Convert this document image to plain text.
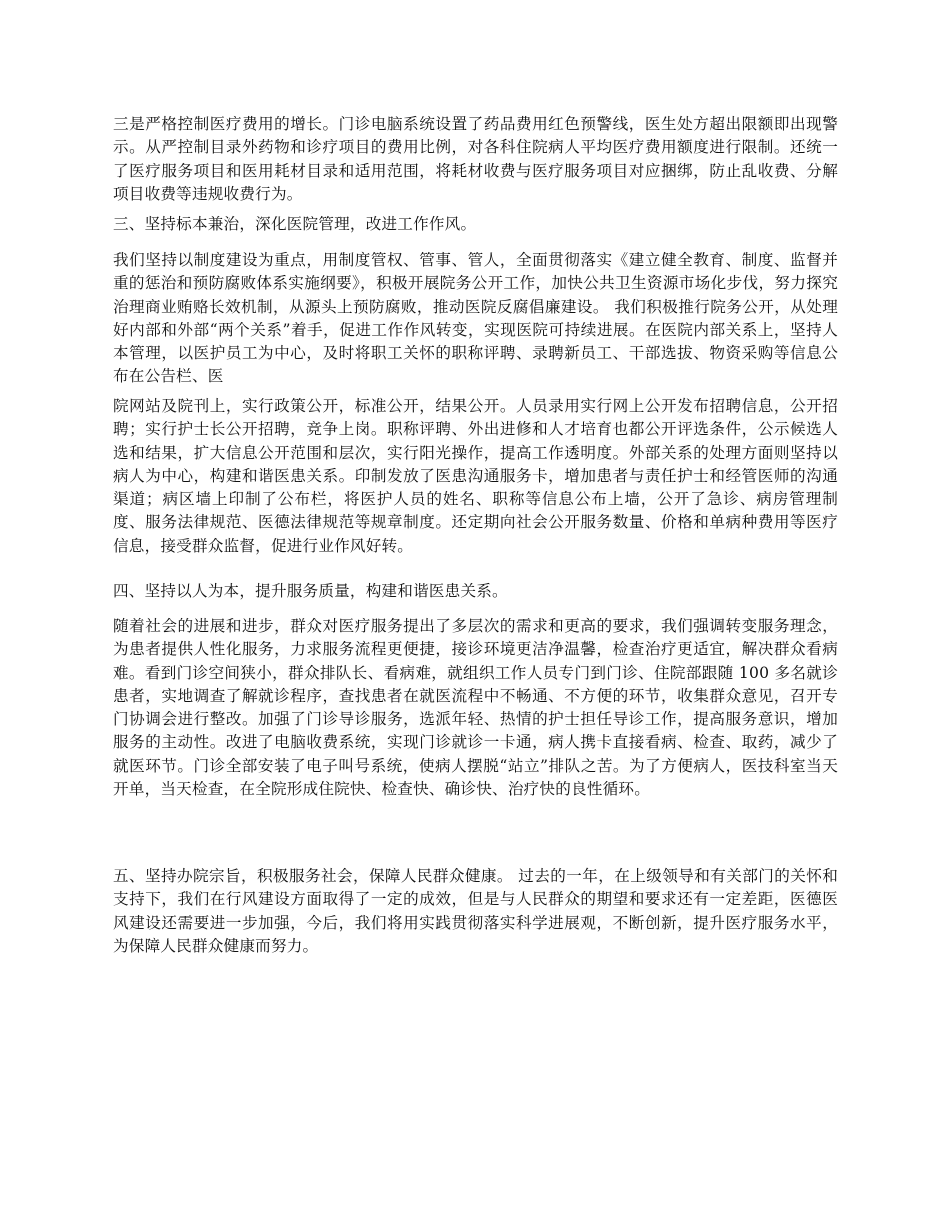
三是严格控制医疗费用的增长。门诊电脑系统设置了药品费用红色预警线，医生处方超出限额即出现警示。从严控制目录外药物和诊疗项目的费用比例，对各科住院病人平均医疗费用额度进行限制。还统一了医疗服务项目和医用耗材目录和适用范围，将耗材收费与医疗服务项目对应捆绑，防止乱收费、分解项目收费等违规收费行为。

三、坚持标本兼治，深化医院管理，改进工作作风。

我们坚持以制度建设为重点，用制度管权、管事、管人，全面贯彻落实《建立健全教育、制度、监督并重的惩治和预防腐败体系实施纲要》，积极开展院务公开工作，加快公共卫生资源市场化步伐，努力探究治理商业贿赂长效机制，从源头上预防腐败，推动医院反腐倡廉建设。 我们积极推行院务公开，从处理好内部和外部“两个关系”着手，促进工作作风转变，实现医院可持续进展。在医院内部关系上，坚持人本管理，以医护员工为中心，及时将职工关怀的职称评聘、录聘新员工、干部选拔、物资采购等信息公布在公告栏、医

院网站及院刊上，实行政策公开，标准公开，结果公开。人员录用实行网上公开发布招聘信息，公开招聘；实行护士长公开招聘，竞争上岗。职称评聘、外出进修和人才培育也都公开评选条件，公示候选人选和结果，扩大信息公开范围和层次，实行阳光操作，提高工作透明度。外部关系的处理方面则坚持以病人为中心，构建和谐医患关系。印制发放了医患沟通服务卡，增加患者与责任护士和经管医师的沟通渠道；病区墙上印制了公布栏，将医护人员的姓名、职称等信息公布上墙，公开了急诊、病房管理制度、服务法律规范、医德法律规范等规章制度。还定期向社会公开服务数量、价格和单病种费用等医疗信息，接受群众监督，促进行业作风好转。

四、坚持以人为本，提升服务质量，构建和谐医患关系。

随着社会的进展和进步，群众对医疗服务提出了多层次的需求和更高的要求，我们强调转变服务理念，为患者提供人性化服务，力求服务流程更便捷，接诊环境更洁净温馨，检查治疗更适宜，解决群众看病难。看到门诊空间狭小，群众排队长、看病难，就组织工作人员专门到门诊、住院部跟随 100 多名就诊患者，实地调查了解就诊程序，查找患者在就医流程中不畅通、不方便的环节，收集群众意见，召开专门协调会进行整改。加强了门诊导诊服务，选派年轻、热情的护士担任导诊工作，提高服务意识，增加服务的主动性。改进了电脑收费系统，实现门诊就诊一卡通，病人携卡直接看病、检查、取药，减少了就医环节。门诊全部安装了电子叫号系统，使病人摆脱“站立”排队之苦。为了方便病人，医技科室当天开单，当天检查，在全院形成住院快、检查快、确诊快、治疗快的良性循环。

五、坚持办院宗旨，积极服务社会，保障人民群众健康。 过去的一年，在上级领导和有关部门的关怀和支持下，我们在行风建设方面取得了一定的成效，但是与人民群众的期望和要求还有一定差距，医德医风建设还需要进一步加强，今后，我们将用实践贯彻落实科学进展观，不断创新，提升医疗服务水平，为保障人民群众健康而努力。
